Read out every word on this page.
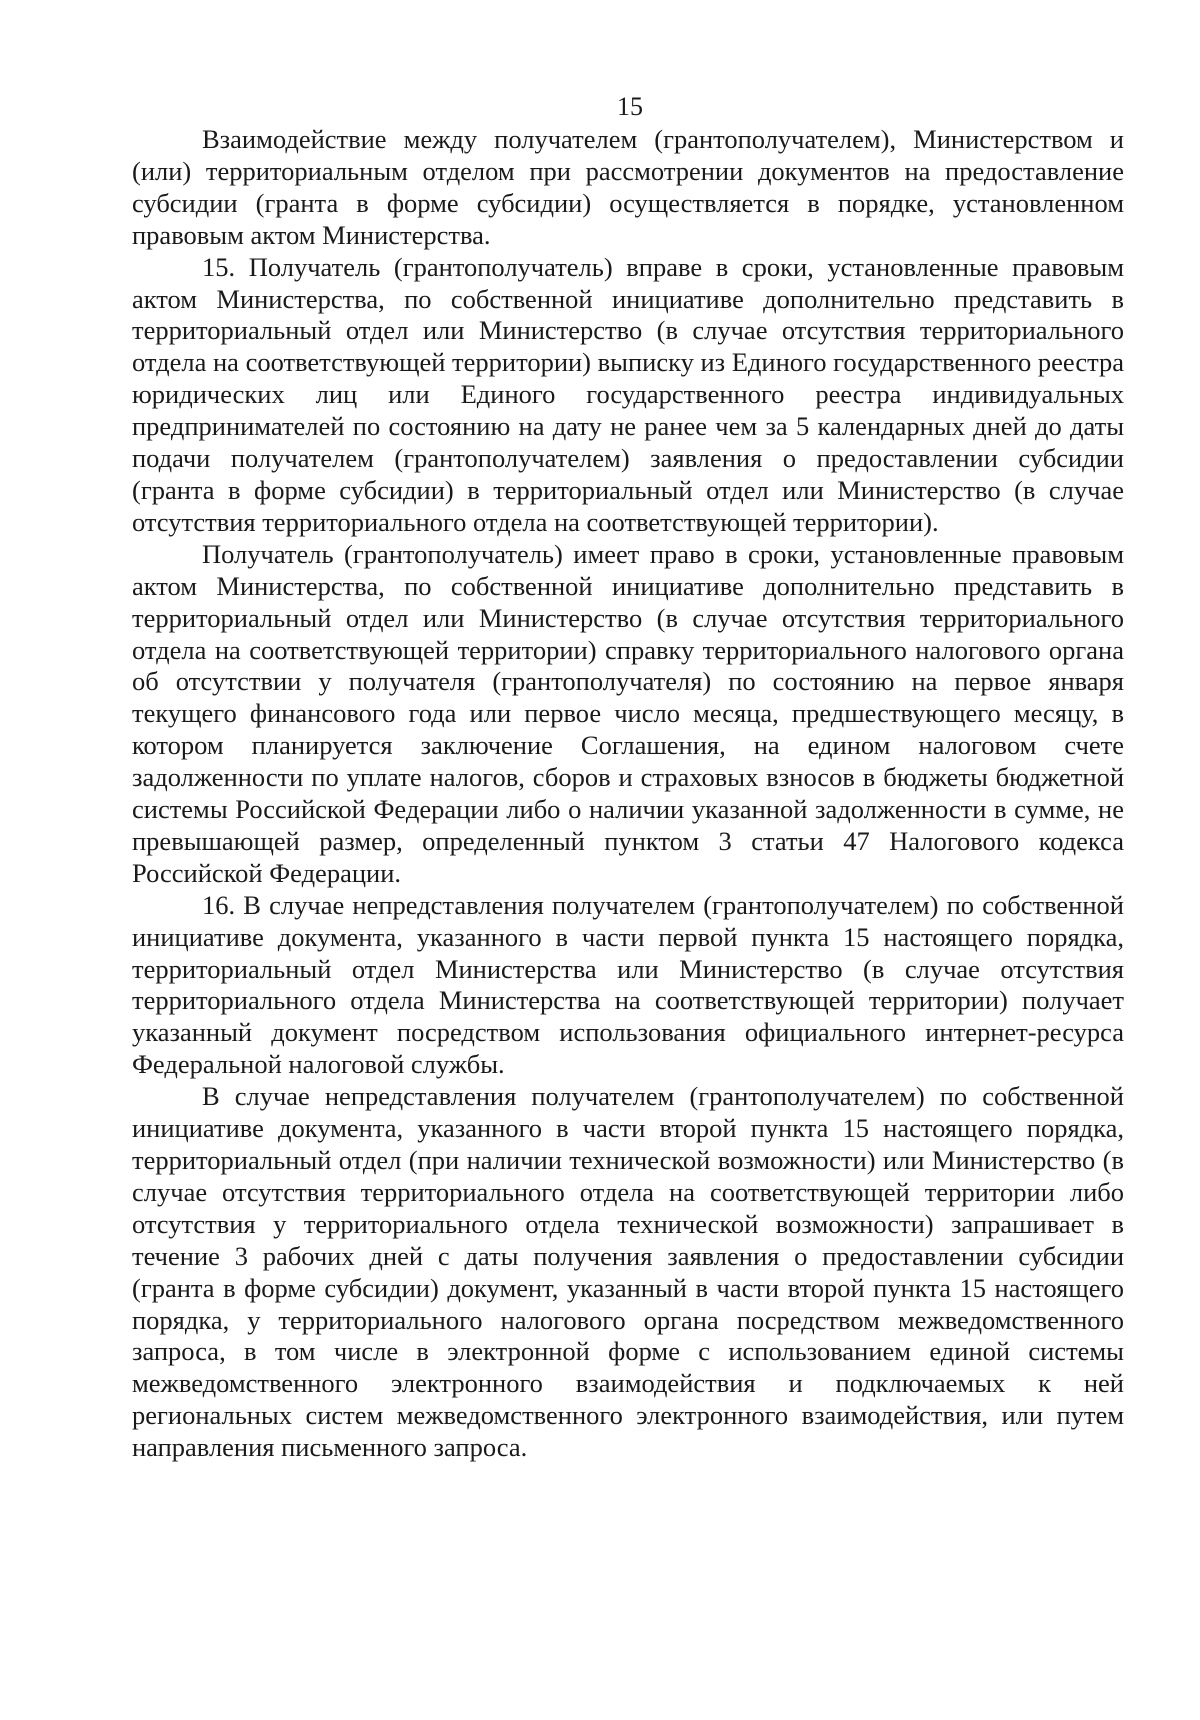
15

Взаимодействие между получателем (грантополучателем), Министерством и (или) территориальным отделом при рассмотрении документов на предоставление субсидии (гранта в форме субсидии) осуществляется в порядке, установленном правовым актом Министерства.

15. Получатель (грантополучатель) вправе в сроки, установленные правовым актом Министерства, по собственной инициативе дополнительно представить в территориальный отдел или Министерство (в случае отсутствия территориального отдела на соответствующей территории) выписку из Единого государственного реестра юридических лиц или Единого государственного реестра индивидуальных предпринимателей по состоянию на дату не ранее чем за 5 календарных дней до даты подачи получателем (грантополучателем) заявления о предоставлении субсидии (гранта в форме субсидии) в территориальный отдел или Министерство (в случае отсутствия территориального отдела на соответствующей территории).

Получатель (грантополучатель) имеет право в сроки, установленные правовым актом Министерства, по собственной инициативе дополнительно представить в территориальный отдел или Министерство (в случае отсутствия территориального отдела на соответствующей территории) справку территориального налогового органа об отсутствии у получателя (грантополучателя) по состоянию на первое января текущего финансового года или первое число месяца, предшествующего месяцу, в котором планируется заключение Соглашения, на едином налоговом счете задолженности по уплате налогов, сборов и страховых взносов в бюджеты бюджетной системы Российской Федерации либо о наличии указанной задолженности в сумме, не превышающей размер, определенный пунктом 3 статьи 47 Налогового кодекса Российской Федерации.

16. В случае непредставления получателем (грантополучателем) по собственной инициативе документа, указанного в части первой пункта 15 настоящего порядка, территориальный отдел Министерства или Министерство (в случае отсутствия территориального отдела Министерства на соответствующей территории) получает указанный документ посредством использования официального интернет-ресурса Федеральной налоговой службы.

В случае непредставления получателем (грантополучателем) по собственной инициативе документа, указанного в части второй пункта 15 настоящего порядка, территориальный отдел (при наличии технической возможности) или Министерство (в случае отсутствия территориального отдела на соответствующей территории либо отсутствия у территориального отдела технической возможности) запрашивает в течение 3 рабочих дней с даты получения заявления о предоставлении субсидии (гранта в форме субсидии) документ, указанный в части второй пункта 15 настоящего порядка, у территориального налогового органа посредством межведомственного запроса, в том числе в электронной форме с использованием единой системы межведомственного электронного взаимодействия и подключаемых к ней региональных систем межведомственного электронного взаимодействия, или путем направления письменного запроса.
